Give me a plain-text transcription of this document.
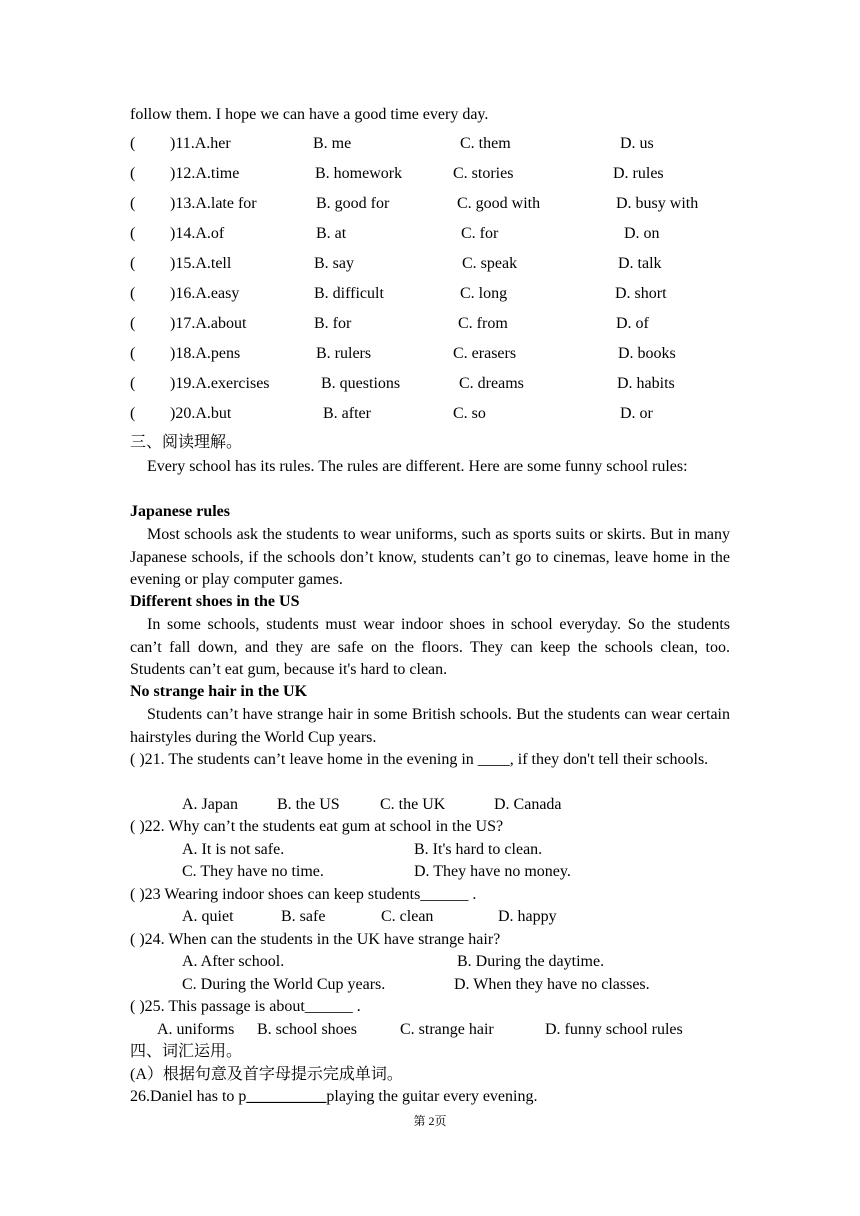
follow them. I hope we can have a good time every day.
( )11.A.her	B. me	C. them	D. us
( )12.A.time	B. homework	C. stories	D. rules
( )13.A.late for	B. good for	C. good with	D. busy with
( )14.A.of	B. at	C. for	D. on
( )15.A.tell	B. say	C. speak	D. talk
( )16.A.easy	B. difficult	C. long	D. short
( )17.A.about	B. for	C. from	D. of
( )18.A.pens	B. rulers	C. erasers	D. books
( )19.A.exercises	B. questions	C. dreams	D. habits
( )20.A.but	B. after	C. so	D. or
三、阅读理解。
Every school has its rules. The rules are different. Here are some funny school rules:
Japanese rules
Most schools ask the students to wear uniforms, such as sports suits or skirts. But in many Japanese schools, if the schools don’t know, students can’t go to cinemas, leave home in the evening or play computer games.
Different shoes in the US
In some schools, students must wear indoor shoes in school everyday. So the students can’t fall down, and they are safe on the floors. They can keep the schools clean, too. Students can’t eat gum, because it's hard to clean.
No strange hair in the UK
Students can’t have strange hair in some British schools. But the students can wear certain hairstyles during the World Cup years.
( )21. The students can’t leave home in the evening in ____, if they don't tell their schools.
A. Japan B. the US	C. the UK	D. Canada
( )22. Why can’t the students eat gum at school in the US?
A. It is not safe.	B. It's hard to clean.
C. They have no time.	D. They have no money.
( )23 Wearing indoor shoes can keep students______ .
A. quiet	B. safe	C. clean	D. happy
( )24. When can the students in the UK have strange hair?
A. After school.	B. During the daytime.
C. During the World Cup years.	D. When they have no classes.
( )25. This passage is about______ .
A. uniforms B. school shoes	C. strange hair	D. funny school rules
四、词汇运用。
(A）根据句意及首字母提示完成单词。
26.Daniel has to p__________playing the guitar every evening.
第 2页
